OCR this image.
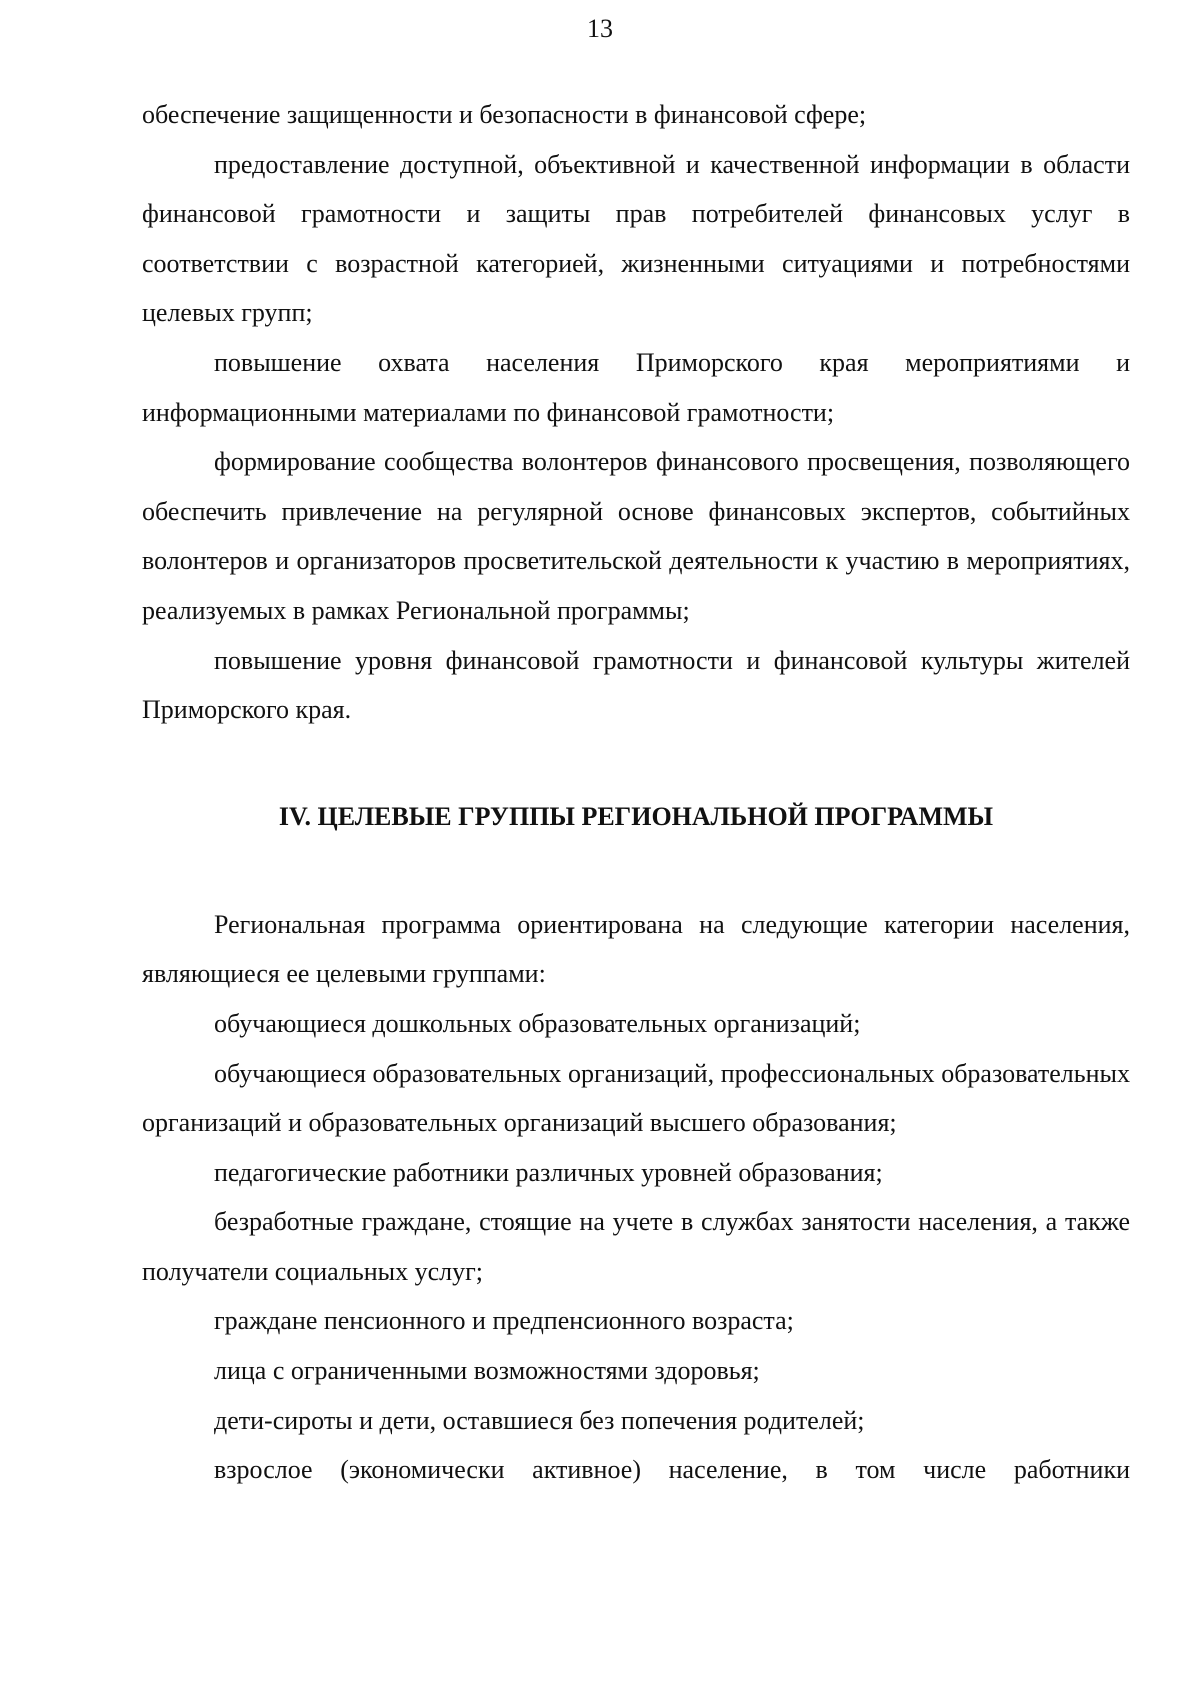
13

обеспечение защищенности и безопасности в финансовой сфере;

предоставление доступной, объективной и качественной информации в области финансовой грамотности и защиты прав потребителей финансовых услуг в соответствии с возрастной категорией, жизненными ситуациями и потребностями целевых групп;

повышение охвата населения Приморского края мероприятиями и информационными материалами по финансовой грамотности;

формирование сообщества волонтеров финансового просвещения, позволяющего обеспечить привлечение на регулярной основе финансовых экспертов, событийных волонтеров и организаторов просветительской деятельности к участию в мероприятиях, реализуемых в рамках Региональной программы;

повышение уровня финансовой грамотности и финансовой культуры жителей Приморского края.

IV. ЦЕЛЕВЫЕ ГРУППЫ РЕГИОНАЛЬНОЙ ПРОГРАММЫ

Региональная программа ориентирована на следующие категории населения, являющиеся ее целевыми группами:

обучающиеся дошкольных образовательных организаций;

обучающиеся образовательных организаций, профессиональных образовательных организаций и образовательных организаций высшего образования;

педагогические работники различных уровней образования;

безработные граждане, стоящие на учете в службах занятости населения, а также получатели социальных услуг;

граждане пенсионного и предпенсионного возраста;

лица с ограниченными возможностями здоровья;

дети-сироты и дети, оставшиеся без попечения родителей;

взрослое (экономически активное) население, в том числе работники
